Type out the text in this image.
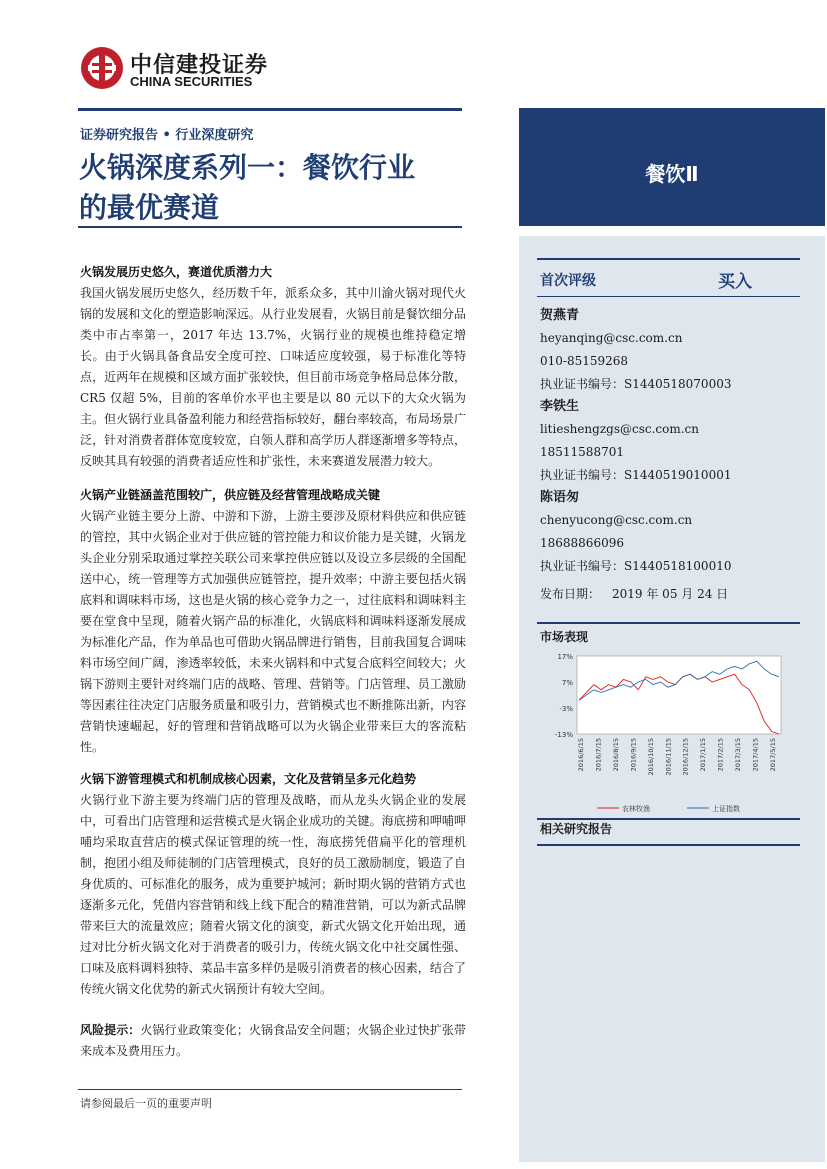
中信建投证券
CHINA SECURITIES
证券研究报告 • 行业深度研究
火锅深度系列一：餐饮行业
的最优赛道
餐饮Ⅱ
首次评级	买入
贺燕青
heyanqing@csc.com.cn
010-85159268
执业证书编号：S1440518070003
李铁生
litieshengzgs@csc.com.cn
18511588701
执业证书编号：S1440519010001
陈语匆
chenyucong@csc.com.cn
18688866096
执业证书编号：S1440518100010
发布日期： 2019 年 05 月 24 日
市场表现
17%
7%
-3%
-13%
2016/6/15 2016/7/15 2016/8/15 2016/9/15 2016/10/15 2016/11/15 2016/12/15 2017/1/15 2017/2/15 2017/3/15 2017/4/15 2017/5/15
农林牧渔	上证指数
相关研究报告
火锅发展历史悠久，赛道优质潜力大

我国火锅发展历史悠久，经历数千年，派系众多，其中川渝火锅对现代火锅的发展和文化的塑造影响深远。从行业发展看，火锅目前是餐饮细分品类中市占率第一，2017 年达 13.7%，火锅行业的规模也维持稳定增长。由于火锅具备食品安全度可控、口味适应度较强，易于标准化等特点，近两年在规模和区域方面扩张较快，但目前市场竞争格局总体分散，CR5 仅超 5%，目前的客单价水平也主要是以 80 元以下的大众火锅为主。但火锅行业具备盈利能力和经营指标较好，翻台率较高，布局场景广泛，针对消费者群体宽度较宽，白领人群和高学历人群逐渐增多等特点，反映其具有较强的消费者适应性和扩张性，未来赛道发展潜力较大。

火锅产业链涵盖范围较广，供应链及经营管理战略成关键

火锅产业链主要分上游、中游和下游，上游主要涉及原材料供应和供应链的管控，其中火锅企业对于供应链的管控能力和议价能力是关键，火锅龙头企业分别采取通过掌控关联公司来掌控供应链以及设立多层级的全国配送中心，统一管理等方式加强供应链管控，提升效率；中游主要包括火锅底料和调味料市场，这也是火锅的核心竞争力之一，过往底料和调味料主要在堂食中呈现，随着火锅产品的标准化，火锅底料和调味料逐渐发展成为标准化产品，作为单品也可借助火锅品牌进行销售，目前我国复合调味料市场空间广阔，渗透率较低，未来火锅料和中式复合底料空间较大；火锅下游则主要针对终端门店的战略、管理、营销等。门店管理、员工激励等因素往往决定门店服务质量和吸引力，营销模式也不断推陈出新，内容营销快速崛起，好的管理和营销战略可以为火锅企业带来巨大的客流粘性。

火锅下游管理模式和机制成核心因素，文化及营销呈多元化趋势

火锅行业下游主要为终端门店的管理及战略，而从龙头火锅企业的发展中，可看出门店管理和运营模式是火锅企业成功的关键。海底捞和呷哺呷哺均采取直营店的模式保证管理的统一性，海底捞凭借扁平化的管理机制，抱团小组及师徒制的门店管理模式，良好的员工激励制度，锻造了自身优质的、可标准化的服务，成为重要护城河；新时期火锅的营销方式也逐渐多元化，凭借内容营销和线上线下配合的精准营销，可以为新式品牌带来巨大的流量效应；随着火锅文化的演变，新式火锅文化开始出现，通过对比分析火锅文化对于消费者的吸引力，传统火锅文化中社交属性强、口味及底料调料独特、菜品丰富多样仍是吸引消费者的核心因素，结合了传统火锅文化优势的新式火锅预计有较大空间。

风险提示：火锅行业政策变化；火锅食品安全问题；火锅企业过快扩张带来成本及费用压力。
请参阅最后一页的重要声明
